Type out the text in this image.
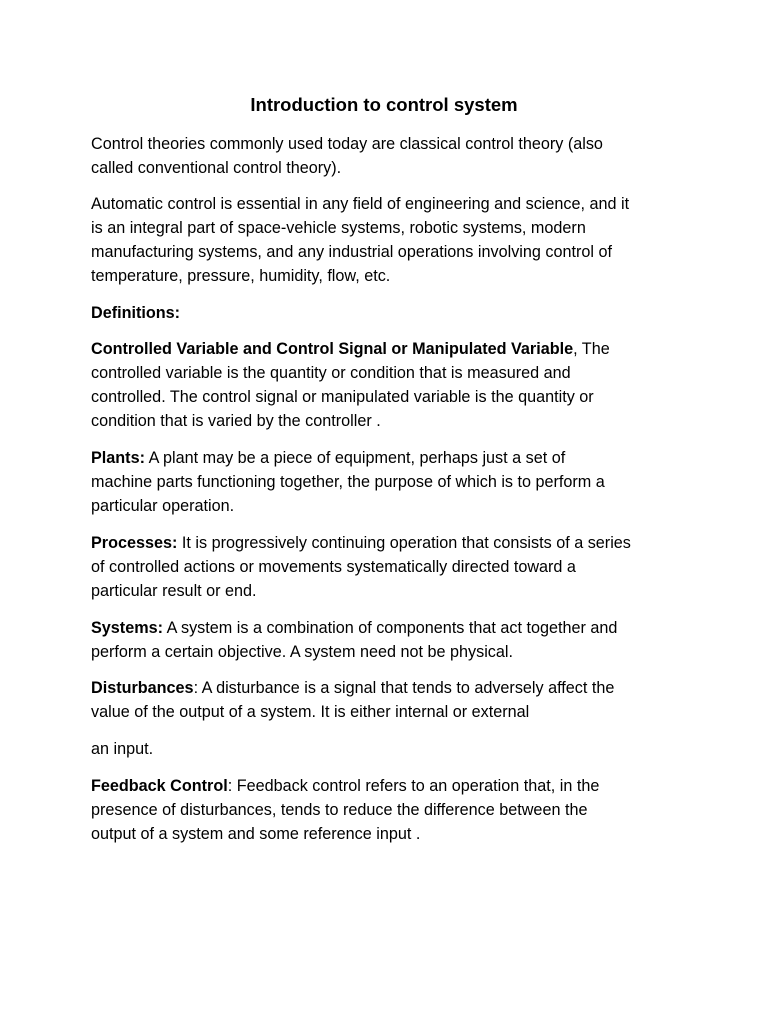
Introduction to control system

Control theories commonly used today are classical control theory (also
called conventional control theory).

Automatic control is essential in any field of engineering and science, and it
is an integral part of space-vehicle systems, robotic systems, modern
manufacturing systems, and any industrial operations involving control of
temperature, pressure, humidity, flow, etc.

Definitions:

Controlled Variable and Control Signal or Manipulated Variable, The
controlled variable is the quantity or condition that is measured and
controlled. The control signal or manipulated variable is the quantity or
condition that is varied by the controller .

Plants: A plant may be a piece of equipment, perhaps just a set of
machine parts functioning together, the purpose of which is to perform a
particular operation.

Processes: It is progressively continuing operation that consists of a series
of controlled actions or movements systematically directed toward a
particular result or end.

Systems: A system is a combination of components that act together and
perform a certain objective. A system need not be physical.

Disturbances: A disturbance is a signal that tends to adversely affect the
value of the output of a system. It is either internal or external

an input.

Feedback Control: Feedback control refers to an operation that, in the
presence of disturbances, tends to reduce the difference between the
output of a system and some reference input .
